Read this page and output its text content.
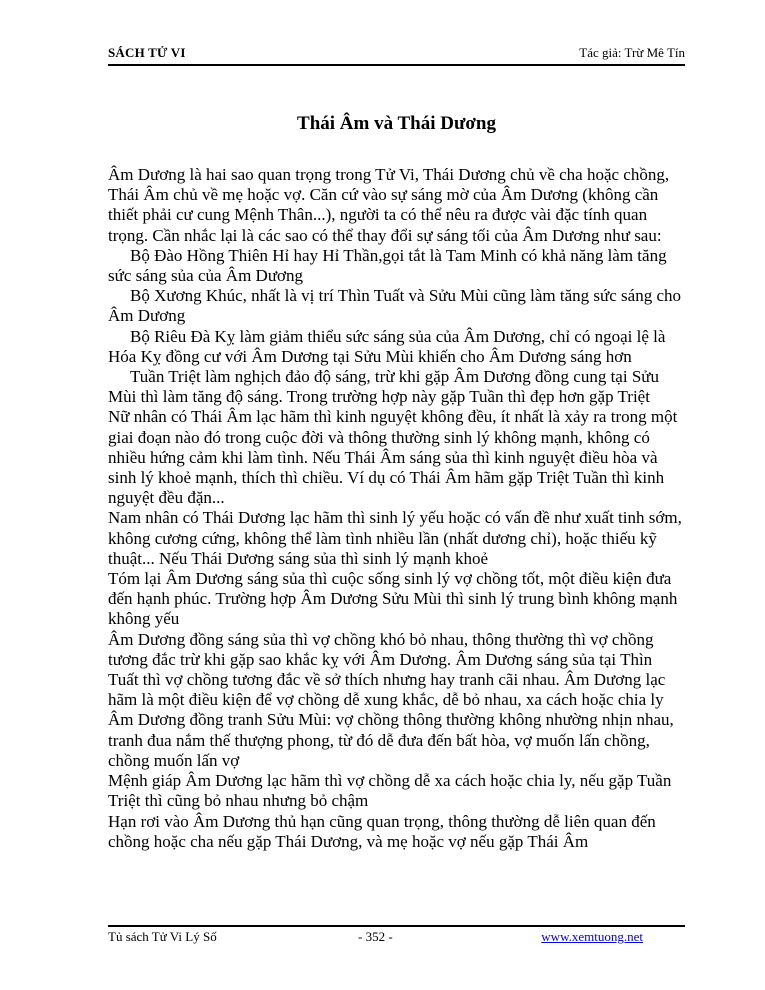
SÁCH TỬ VI	Tác giả: Trừ Mê Tín
Thái Âm và Thái Dương

Âm Dương là hai sao quan trọng trong Tử Vi, Thái Dương chủ về cha hoặc chồng, Thái Âm chủ về mẹ hoặc vợ. Căn cứ vào sự sáng mờ của Âm Dương (không cần thiết phải cư cung Mệnh Thân...), người ta có thể nêu ra được vài đặc tính quan trọng. Cần nhắc lại là các sao có thể thay đổi sự sáng tối của Âm Dương như sau:

Bộ Đào Hồng Thiên Hỉ hay Hỉ Thần,gọi tắt là Tam Minh có khả năng làm tăng sức sáng sủa của Âm Dương

Bộ Xương Khúc, nhất là vị trí Thìn Tuất và Sửu Mùi cũng làm tăng sức sáng cho Âm Dương

Bộ Riêu Đà Kỵ làm giảm thiểu sức sáng sủa của Âm Dương, chỉ có ngoại lệ là Hóa Kỵ đồng cư với Âm Dương tại Sửu Mùi khiến cho Âm Dương sáng hơn

Tuần Triệt làm nghịch đảo độ sáng, trừ khi gặp Âm Dương đồng cung tại Sửu Mùi thì làm tăng độ sáng. Trong trường hợp này gặp Tuần thì đẹp hơn gặp Triệt

Nữ nhân có Thái Âm lạc hãm thì kinh nguyệt không đều, ít nhất là xảy ra trong một giai đoạn nào đó trong cuộc đời và thông thường sinh lý không mạnh, không có nhiều hứng cảm khi làm tình. Nếu Thái Âm sáng sủa thì kinh nguyệt điều hòa và sinh lý khoẻ mạnh, thích thì chiều. Ví dụ có Thái Âm hãm gặp Triệt Tuần thì kinh nguyệt đều đặn...

Nam nhân có Thái Dương lạc hãm thì sinh lý yếu hoặc có vấn đề như xuất tinh sớm, không cương cứng, không thể làm tình nhiều lần (nhất dương chỉ), hoặc thiếu kỹ thuật... Nếu Thái Dương sáng sủa thì sinh lý mạnh khoẻ

Tóm lại Âm Dương sáng sủa thì cuộc sống sinh lý vợ chồng tốt, một điều kiện đưa đến hạnh phúc. Trường hợp Âm Dương Sửu Mùi thì sinh lý trung bình không mạnh không yếu

Âm Dương đồng sáng sủa thì vợ chồng khó bỏ nhau, thông thường thì vợ chồng tương đắc trừ khi gặp sao khắc kỵ với Âm Dương. Âm Dương sáng sủa tại Thìn Tuất thì vợ chồng tương đắc về sở thích nhưng hay tranh cãi nhau. Âm Dương lạc hãm là một điều kiện để vợ chồng dễ xung khắc, dễ bỏ nhau, xa cách hoặc chia ly

Âm Dương đồng tranh Sửu Mùi: vợ chồng thông thường không nhường nhịn nhau, tranh đua nắm thế thượng phong, từ đó dễ đưa đến bất hòa, vợ muốn lấn chồng, chồng muốn lấn vợ

Mệnh giáp Âm Dương lạc hãm thì vợ chồng dễ xa cách hoặc chia ly, nếu gặp Tuần Triệt thì cũng bỏ nhau nhưng bỏ chậm

Hạn rơi vào Âm Dương thủ hạn cũng quan trọng, thông thường dễ liên quan đến chồng hoặc cha nếu gặp Thái Dương, và mẹ hoặc vợ nếu gặp Thái Âm

Tủ sách Tử Vi Lý Số	- 352 -	www.xemtuong.net
